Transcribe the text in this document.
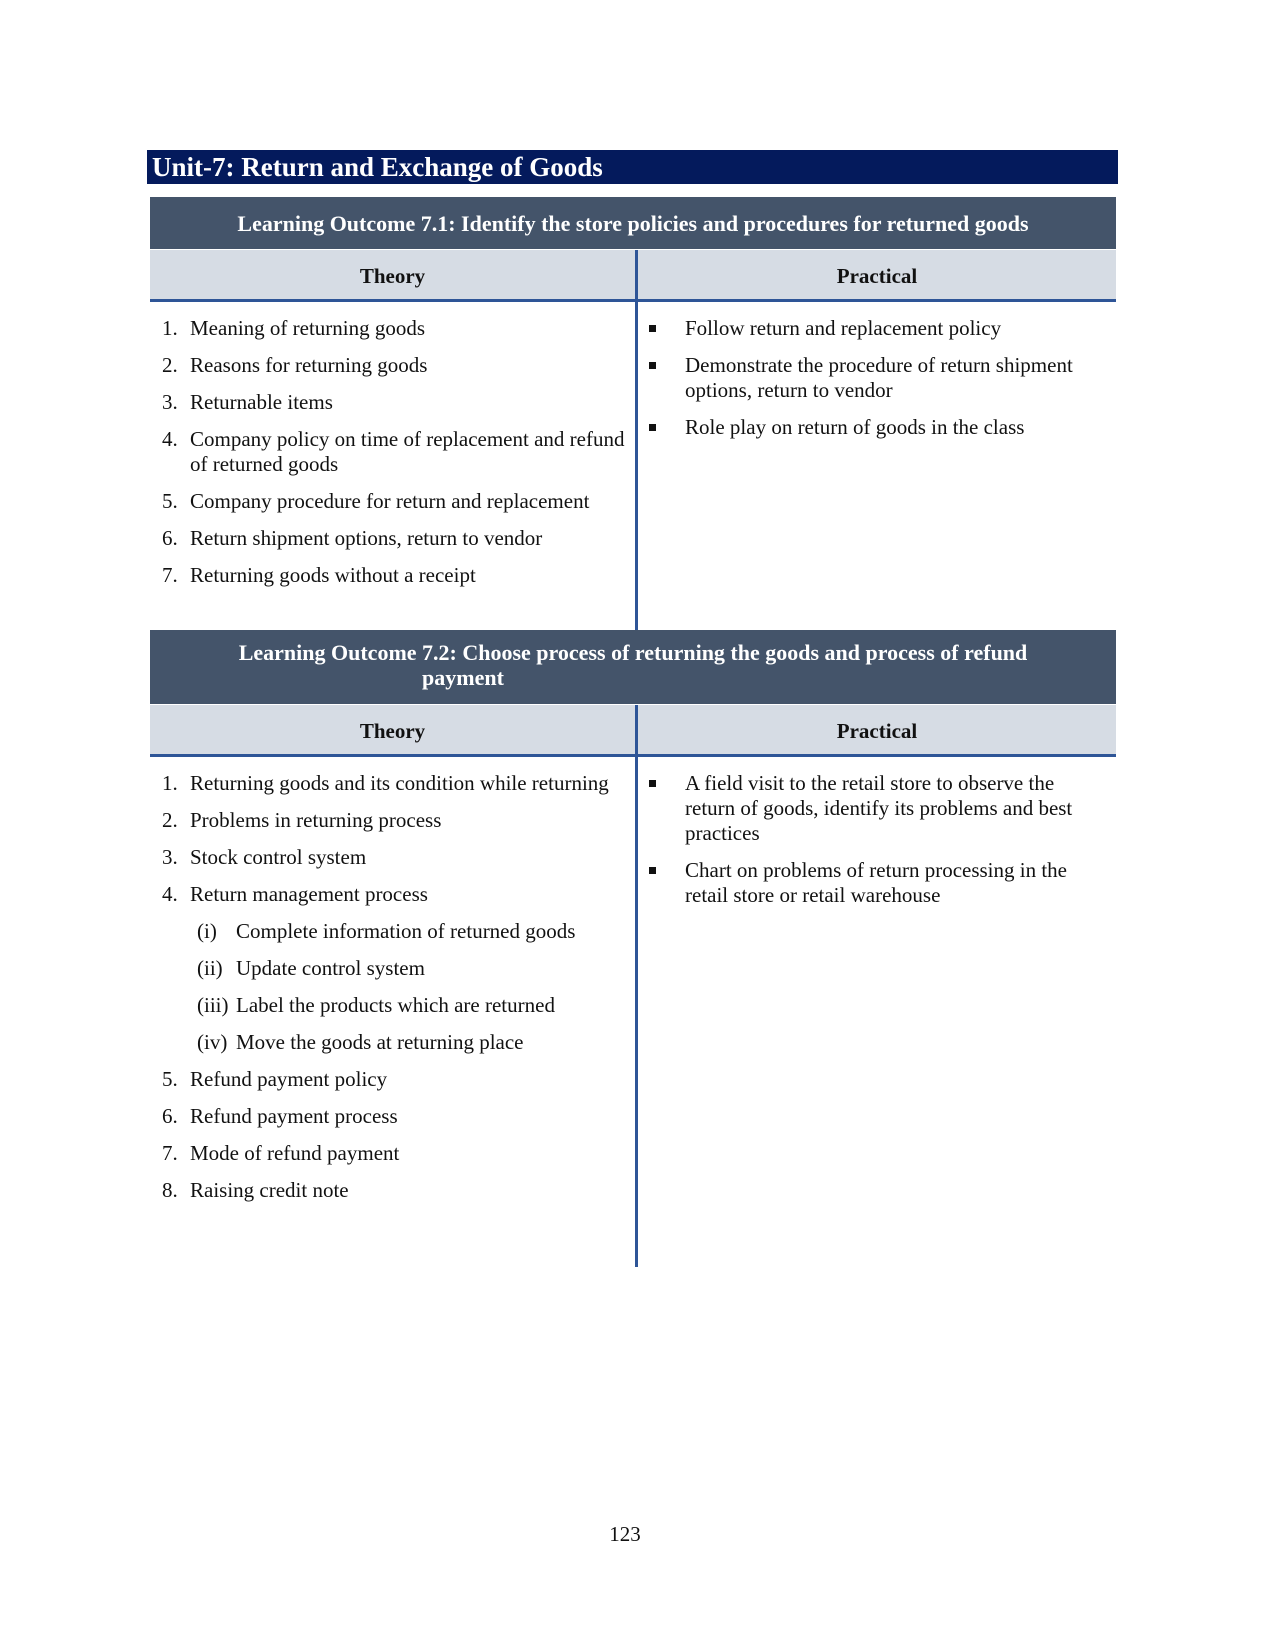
Unit-7: Return and Exchange of Goods
Learning Outcome 7.1: Identify the store policies and procedures for returned goods
Theory	Practical
1. Meaning of returning goods
2. Reasons for returning goods
3. Returnable items
4. Company policy on time of replacement and refund of returned goods
5. Company procedure for return and replacement
6. Return shipment options, return to vendor
7. Returning goods without a receipt
Follow return and replacement policy
Demonstrate the procedure of return shipment options, return to vendor
Role play on return of goods in the class
Learning Outcome 7.2: Choose process of returning the goods and process of refund
payment
Theory	Practical
1. Returning goods and its condition while returning
2. Problems in returning process
3. Stock control system
4. Return management process
(i) Complete information of returned goods
(ii) Update control system
(iii) Label the products which are returned
(iv) Move the goods at returning place
5. Refund payment policy
6. Refund payment process
7. Mode of refund payment
8. Raising credit note
A field visit to the retail store to observe the return of goods, identify its problems and best practices
Chart on problems of return processing in the retail store or retail warehouse
123
